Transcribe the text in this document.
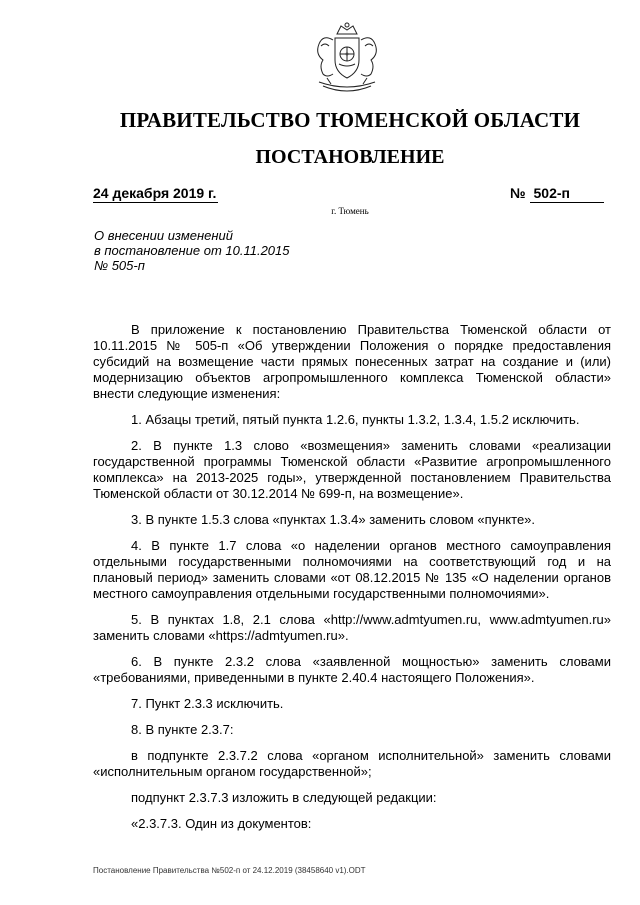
ПРАВИТЕЛЬСТВО ТЮМЕНСКОЙ ОБЛАСТИ
ПОСТАНОВЛЕНИЕ
24 декабря 2019 г.	№ 502-п
г. Тюмень
О внесении изменений
в постановление от 10.11.2015
№ 505-п

В приложение к постановлению Правительства Тюменской области от 10.11.2015 № 505-п «Об утверждении Положения о порядке предоставления субсидий на возмещение части прямых понесенных затрат на создание и (или) модернизацию объектов агропромышленного комплекса Тюменской области» внести следующие изменения:

1. Абзацы третий, пятый пункта 1.2.6, пункты 1.3.2, 1.3.4, 1.5.2 исключить.

2. В пункте 1.3 слово «возмещения» заменить словами «реализации государственной программы Тюменской области «Развитие агропромышленного комплекса» на 2013-2025 годы», утвержденной постановлением Правительства Тюменской области от 30.12.2014 № 699-п, на возмещение».

3. В пункте 1.5.3 слова «пунктах 1.3.4» заменить словом «пункте».

4. В пункте 1.7 слова «о наделении органов местного самоуправления отдельными государственными полномочиями на соответствующий год и на плановый период» заменить словами «от 08.12.2015 № 135 «О наделении органов местного самоуправления отдельными государственными полномочиями».

5. В пунктах 1.8, 2.1 слова «http://www.admtyumen.ru, www.admtyumen.ru» заменить словами «https://admtyumen.ru».

6. В пункте 2.3.2 слова «заявленной мощностью» заменить словами «требованиями, приведенными в пункте 2.40.4 настоящего Положения».

7. Пункт 2.3.3 исключить.

8. В пункте 2.3.7:

в подпункте 2.3.7.2 слова «органом исполнительной» заменить словами «исполнительным органом государственной»;

подпункт 2.3.7.3 изложить в следующей редакции:

«2.3.7.3. Один из документов:

Постановление Правительства №502-п от 24.12.2019 (38458640 v1).ODT
